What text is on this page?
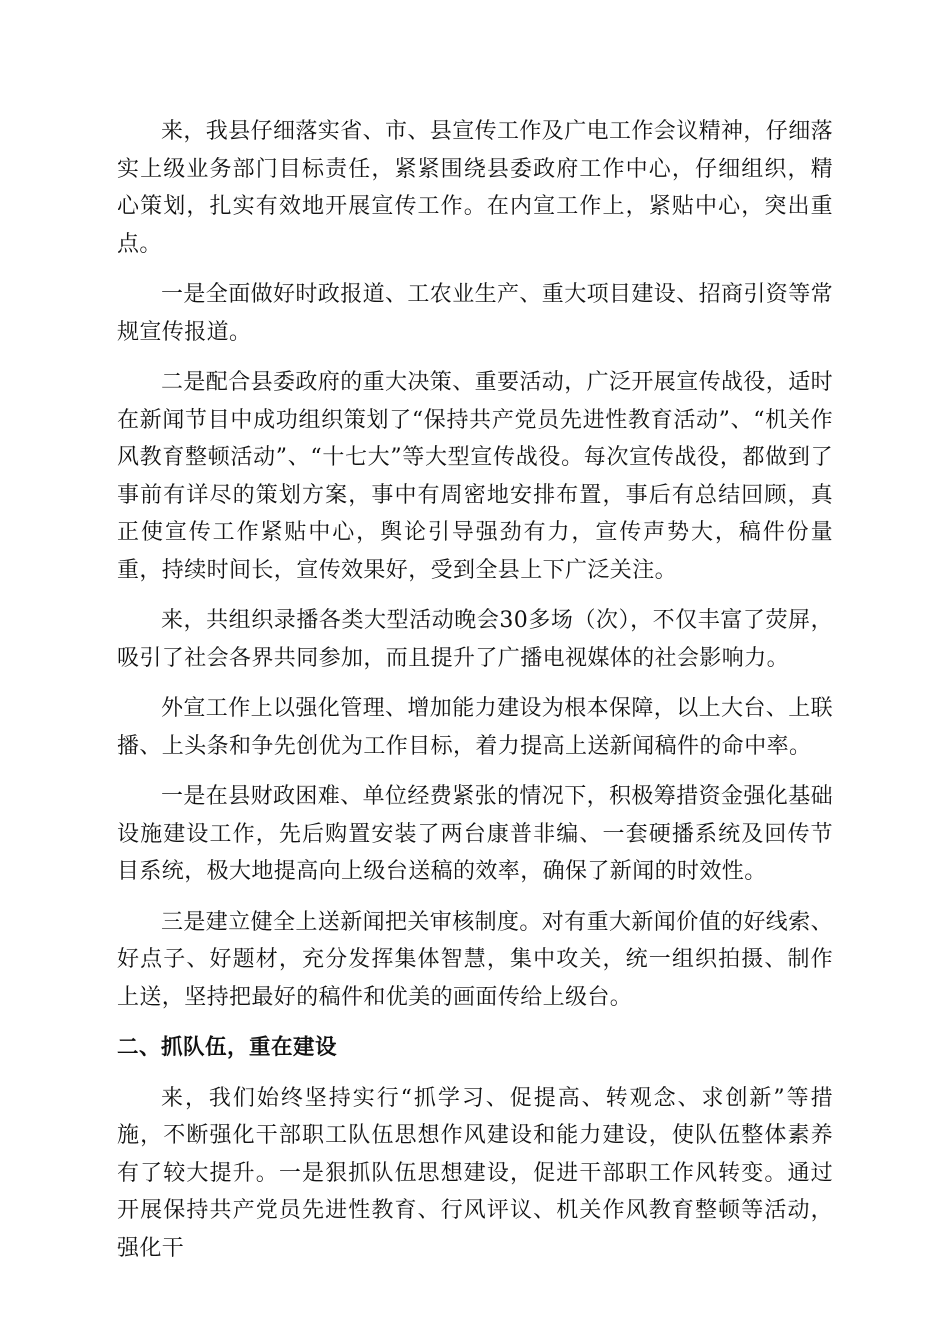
来，我县仔细落实省、市、县宣传工作及广电工作会议精神，仔细落实上级业务部门目标责任，紧紧围绕县委政府工作中心，仔细组织，精心策划，扎实有效地开展宣传工作。在内宣工作上，紧贴中心，突出重点。

一是全面做好时政报道、工农业生产、重大项目建设、招商引资等常规宣传报道。

二是配合县委政府的重大决策、重要活动，广泛开展宣传战役，适时在新闻节目中成功组织策划了“保持共产党员先进性教育活动”、“机关作风教育整顿活动”、“十七大”等大型宣传战役。每次宣传战役，都做到了事前有详尽的策划方案，事中有周密地安排布置，事后有总结回顾，真正使宣传工作紧贴中心，舆论引导强劲有力，宣传声势大，稿件份量重，持续时间长，宣传效果好，受到全县上下广泛关注。

来，共组织录播各类大型活动晚会30多场（次），不仅丰富了荧屏，吸引了社会各界共同参加，而且提升了广播电视媒体的社会影响力。

外宣工作上以强化管理、增加能力建设为根本保障，以上大台、上联播、上头条和争先创优为工作目标，着力提高上送新闻稿件的命中率。

一是在县财政困难、单位经费紧张的情况下，积极筹措资金强化基础设施建设工作，先后购置安装了两台康普非编、一套硬播系统及回传节目系统，极大地提高向上级台送稿的效率，确保了新闻的时效性。

三是建立健全上送新闻把关审核制度。对有重大新闻价值的好线索、好点子、好题材，充分发挥集体智慧，集中攻关，统一组织拍摄、制作上送，坚持把最好的稿件和优美的画面传给上级台。

二、抓队伍，重在建设

来，我们始终坚持实行“抓学习、促提高、转观念、求创新”等措施，不断强化干部职工队伍思想作风建设和能力建设，使队伍整体素养有了较大提升。一是狠抓队伍思想建设，促进干部职工作风转变。通过开展保持共产党员先进性教育、行风评议、机关作风教育整顿等活动，强化干
